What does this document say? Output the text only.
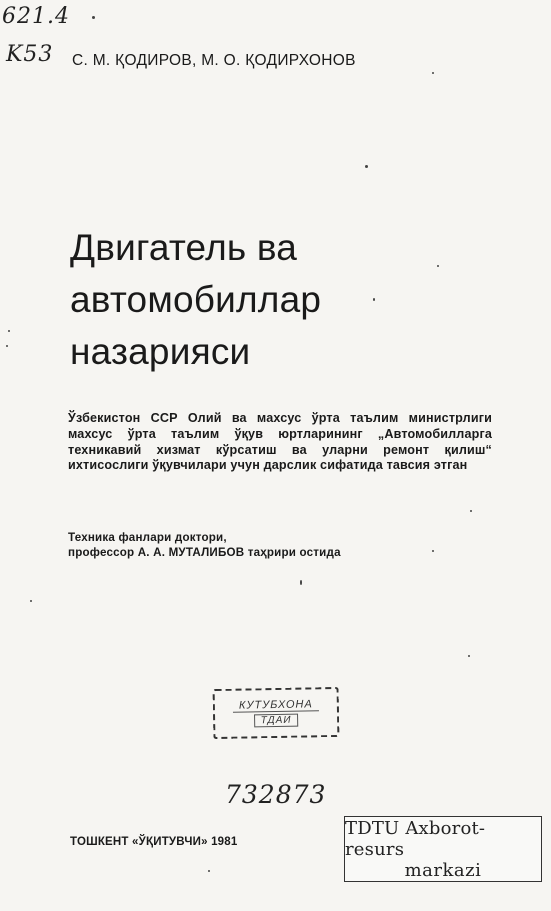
621.4
K53 С. М. ҚОДИРОВ, М. О. ҚОДИРХОНОВ
Двигатель ва
автомобиллар
назарияси
Ўзбекистон ССР Олий ва махсус ўрта таълим министрлиги махсус ўрта таълим ўқув юртларининг „Автомобилларга техникавий хизмат кўрсатиш ва уларни ремонт қилиш“ ихтисослиги ўқувчилари учун дарслик сифатида тавсия этган
Техника фанлари доктори,
профессор А. А. МУТАЛИБОВ таҳрири остида
КУТУБХОНА
ТДАИ
732873
ТОШКЕНТ «ЎҚИТУВЧИ» 1981
TDTU Axborot-resurs
markazi
